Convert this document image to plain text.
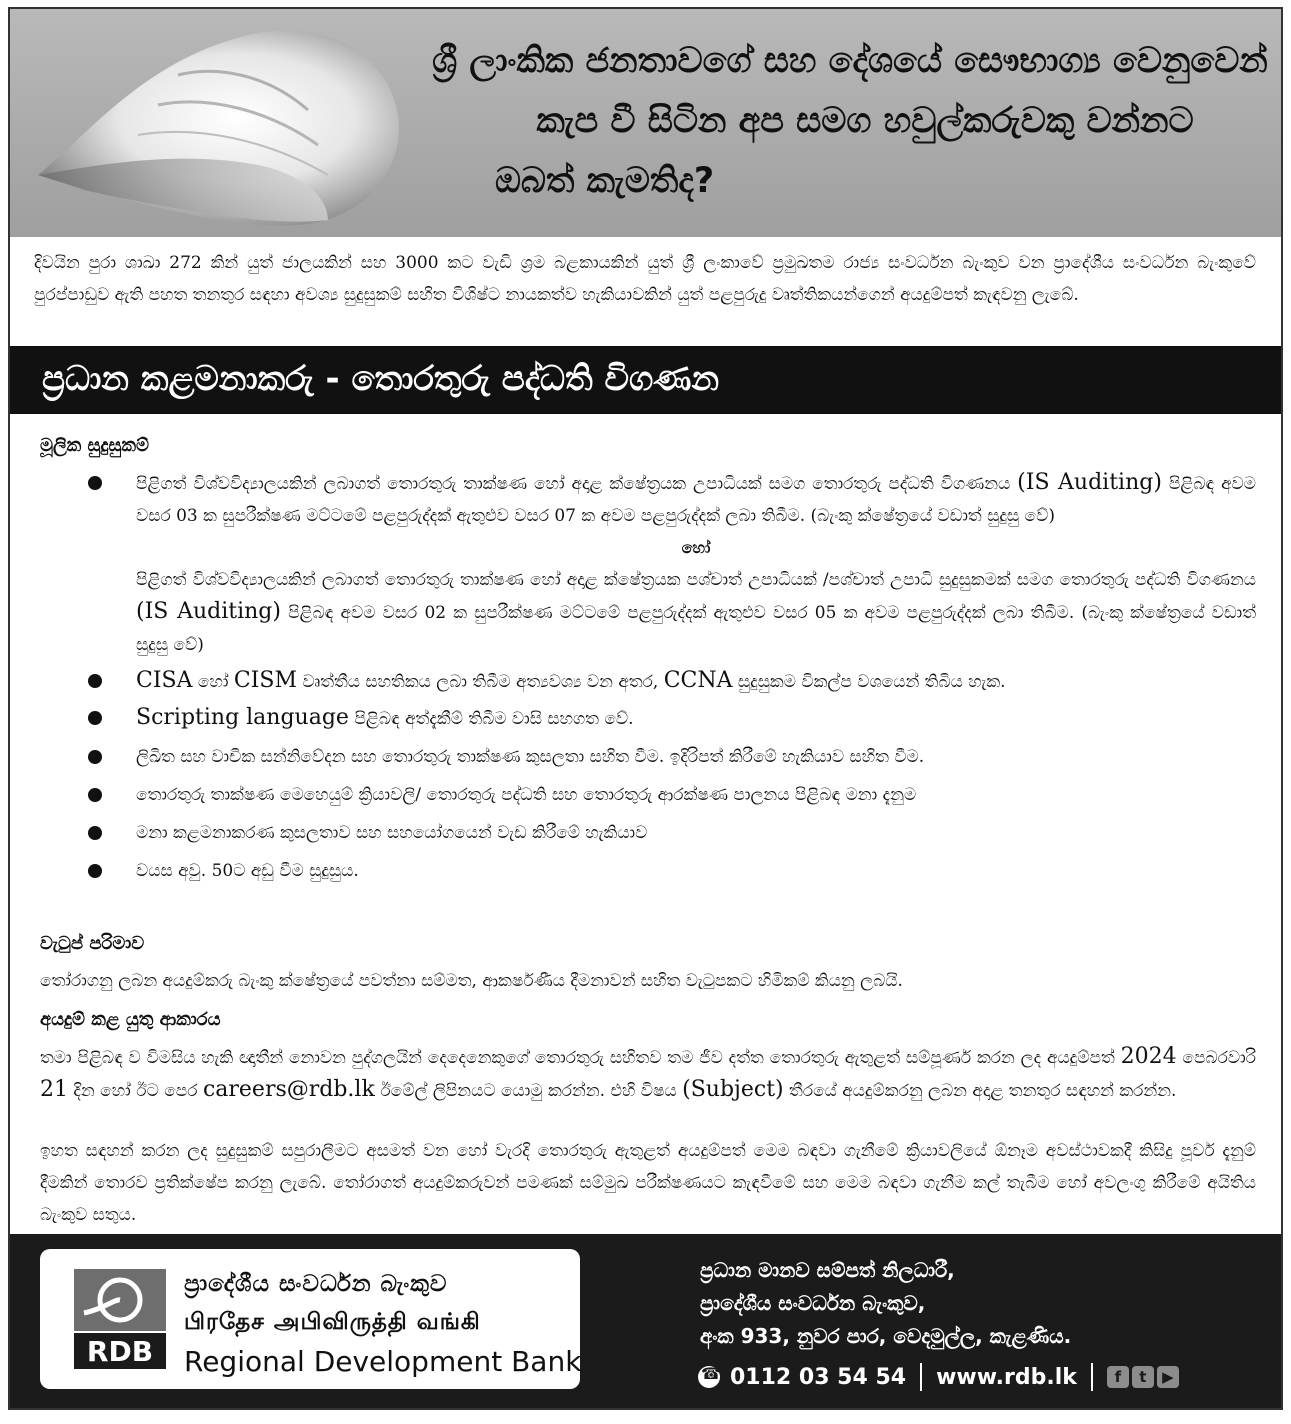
ශ්‍රී ලාංකික ජනතාවගේ සහ දේශයේ සෞභාග්‍ය වෙනුවෙන්
කැප වී සිටින අප සමග හවුල්කරුවකු වන්නට
ඔබත් කැමතිද?
දිවයින පුරා ශාඛා 272 කින් යුත් ජාලයකින් සහ 3000 කට වැඩි ශ්‍රම බළකායකින් යුත් ශ්‍රී ලංකාවේ ප්‍රමුඛතම රාජ්‍ය සංවර්ධන බැංකුව වන ප්‍රාදේශීය සංවර්ධන බැංකුවේ පුරප්පාඩුව ඇති පහත තනතුර සඳහා අවශ්‍ය සුදුසුකම් සහිත විශිෂ්ට නායකත්ව හැකියාවකින් යුත් පළපුරුදු වෘත්තිකයන්ගෙන් අයදුම්පත් කැඳවනු ලැබේ.
ප්‍රධාන කළමනාකරු - තොරතුරු පද්ධති විගණන
මූලික සුදුසුකම්
පිළිගත් විශ්වවිද්‍යාලයකින් ලබාගත් තොරතුරු තාක්ෂණ හෝ අදාළ ක්ෂේත්‍රයක උපාධියක් සමග තොරතුරු පද්ධති විගණනය (IS Auditing) පිළිබඳ අවම වසර 03 ක සුපරීක්ෂණ මට්ටමේ පළපුරුද්දක් ඇතුළුව වසර 07 ක අවම පළපුරුද්දක් ලබා තිබීම. (බැංකු ක්ෂේත්‍රයේ වඩාත් සුදුසු වේ)
හෝ
පිළිගත් විශ්වවිද්‍යාලයකින් ලබාගත් තොරතුරු තාක්ෂණ හෝ අදාළ ක්ෂේත්‍රයක පශ්චාත් උපාධියක් /පශ්චාත් උපාධි සුදුසුකමක් සමග තොරතුරු පද්ධති විගණනය (IS Auditing) පිළිබඳ අවම වසර 02 ක සුපරීක්ෂණ මට්ටමේ පළපුරුද්දක් ඇතුළුව වසර 05 ක අවම පළපුරුද්දක් ලබා තිබීම. (බැංකු ක්ෂේත්‍රයේ වඩාත් සුදුසු වේ)
CISA හෝ CISM වෘත්තීය සහතිකය ලබා තිබීම අත්‍යවශ්‍ය වන අතර, CCNA සුදුසුකම විකල්ප වශයෙන් තිබිය හැක.
Scripting language පිළිබඳ අත්දැකීම් තිබීම වාසි සහගත වේ.
ලිඛිත සහ වාචික සන්නිවේදන සහ තොරතුරු තාක්ෂණ කුසලතා සහිත වීම. ඉදිරිපත් කිරීමේ හැකියාව සහිත වීම.
තොරතුරු තාක්ෂණ මෙහෙයුම් ක්‍රියාවලි/ තොරතුරු පද්ධති සහ තොරතුරු ආරක්ෂණ පාලනය පිළිබඳ මනා දැනුම
මනා කළමනාකරණ කුසලතාව සහ සහයෝගයෙන් වැඩ කිරීමේ හැකියාව
වයස අවු. 50ට අඩු වීම සුදුසුය.
වැටුප් පරිමාව
තෝරාගනු ලබන අයදුම්කරු බැංකු ක්ෂේත්‍රයේ පවත්නා සම්මත, ආකර්ෂණීය දීමනාවන් සහිත වැටුපකට හිමිකම් කියනු ලබයි.
අයදුම් කළ යුතු ආකාරය
තමා පිළිබඳ ව විමසිය හැකි ඥාතීන් නොවන පුද්ගලයින් දෙදෙනෙකුගේ තොරතුරු සහිතව තම ජීව දත්ත තොරතුරු ඇතුළත් සම්පූර්ණ කරන ලද අයදුම්පත් 2024 පෙබරවාරි 21 දින හෝ ඊට පෙර careers@rdb.lk ඊමේල් ලිපිනයට යොමු කරන්න. එහි විෂය (Subject) තීරයේ අයදුම්කරනු ලබන අදාළ තනතුර සඳහන් කරන්න.
ඉහත සඳහන් කරන ලද සුදුසුකම් සපුරාලීමට අසමත් වන හෝ වැරදි තොරතුරු ඇතුළත් අයදුම්පත් මෙම බඳවා ගැනීමේ ක්‍රියාවලියේ ඕනෑම අවස්ථාවකදී කිසිදු පූර්ව දැනුම් දීමකින් තොරව ප්‍රතික්ෂේප කරනු ලැබේ. තෝරාගත් අයදුම්කරුවන් පමණක් සම්මුඛ පරීක්ෂණයට කැඳවීමේ සහ මෙම බඳවා ගැනීම කල් තැබීම හෝ අවලංගු කිරීමේ අයිතිය බැංකුව සතුය.
RDB
ප්‍රාදේශීය සංවර්ධන බැංකුව
பிரதேச அபிவிருத்தி வங்கி
Regional Development Bank
ප්‍රධාන මානව සම්පත් නිලධාරී,
ප්‍රාදේශීය සංවර්ධන බැංකුව,
අංක 933, නුවර පාර, වෙදමුල්ල, කැළණිය.
☎
0112 03 54 54 www.rdb.lk	f	t	▶
